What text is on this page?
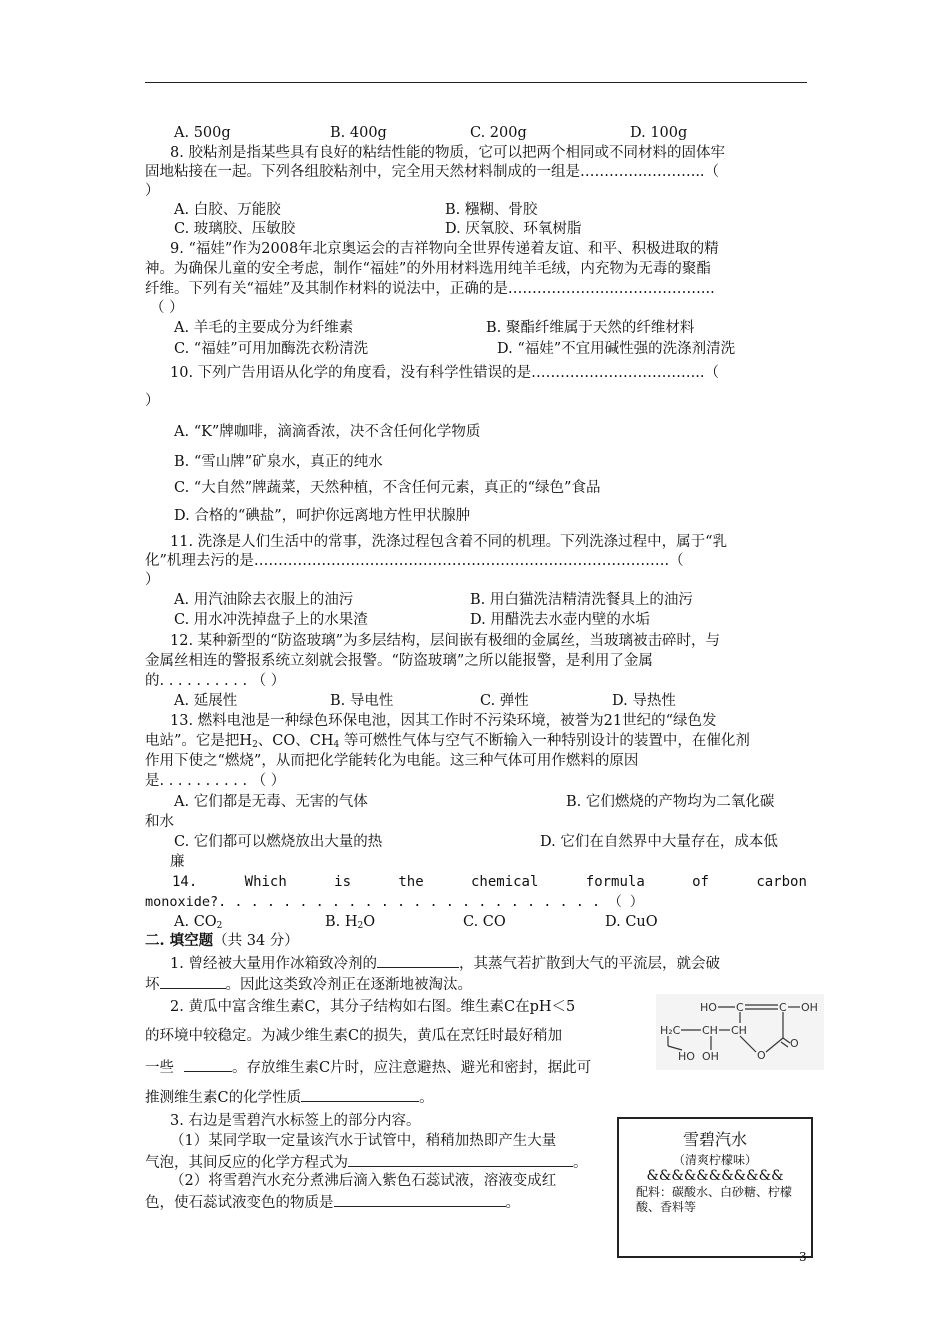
A. 500g	B. 400g	C. 200g	D. 100g
8. 胶粘剂是指某些具有良好的粘结性能的物质，它可以把两个相同或不同材料的固体牢
固地粘接在一起。下列各组胶粘剂中，完全用天然材料制成的一组是…………..………...（
）
A. 白胶、万能胶	B. 糨糊、骨胶
C. 玻璃胶、压敏胶	D. 厌氧胶、环氧树脂
9. “福娃”作为2008年北京奥运会的吉祥物向全世界传递着友谊、和平、积极进取的精
神。为确保儿童的安全考虑，制作“福娃”的外用材料选用纯羊毛绒，内充物为无毒的聚酯
纤维。下列有关“福娃”及其制作材料的说法中，正确的是………………….………………...
（ ）
A. 羊毛的主要成分为纤维素	B. 聚酯纤维属于天然的纤维材料
C. “福娃”可用加酶洗衣粉清洗	D. “福娃”不宜用碱性强的洗涤剂清洗
10. 下列广告用语从化学的角度看，没有科学性错误的是……………………………...（
）
A. “K”牌咖啡，滴滴香浓，决不含任何化学物质
B. “雪山牌”矿泉水，真正的纯水
C. “大自然”牌蔬菜，天然种植，不含任何元素，真正的“绿色”食品
D. 合格的“碘盐”，呵护你远离地方性甲状腺肿
11. 洗涤是人们生活中的常事，洗涤过程包含着不同的机理。下列洗涤过程中，属于“乳
化”机理去污的是………….……………………………………………………………….（
）
A. 用汽油除去衣服上的油污	B. 用白猫洗洁精清洗餐具上的油污
C. 用水冲洗掉盘子上的水果渣	D. 用醋洗去水壶内壁的水垢
12. 某种新型的“防盗玻璃”为多层结构，层间嵌有极细的金属丝，当玻璃被击碎时，与
金属丝相连的警报系统立刻就会报警。“防盗玻璃”之所以能报警，是利用了金属
的. . . . . . . . . . （ ）
A. 延展性	B. 导电性	C. 弹性	D. 导热性
13. 燃料电池是一种绿色环保电池，因其工作时不污染环境，被誉为21世纪的“绿色发
电站”。它是把$H_2$、CO、$CH_4$ 等可燃性气体与空气不断输入一种特别设计的装置中，在催化剂
作用下使之“燃烧”，从而把化学能转化为电能。这三种气体可用作燃料的原因
是. . . . . . . . . . （ ）
A. 它们都是无毒、无害的气体	B. 它们燃烧的产物均为二氧化碳
和水
C. 它们都可以燃烧放出大量的热	D. 它们在自然界中大量存在，成本低
廉
14.	Which	is	the	chemical	formula	of	carbon
monoxide?. . . . . . . . . . . . . . . . . . . . . . . . （ ）
A. $CO_2$	B. $H_2O$	C. CO	D. CuO
二. 填空题（共 34 分）
1. 曾经被大量用作冰箱致冷剂的	，其蒸气若扩散到大气的平流层，就会破
坏	。因此这类致冷剂正在逐渐地被淘汰。
2. 黄瓜中富含维生素C，其分子结构如右图。维生素C在pH＜5
的环境中较稳定。为减少维生素C的损失，黄瓜在烹饪时最好稍加
一些	。存放维生素C片时，应注意避热、避光和密封，据此可
推测维生素C的化学性质	。
HO C	C OH
H₂C CH CH
HO OH	O
O
3. 右边是雪碧汽水标签上的部分内容。
（1）某同学取一定量该汽水于试管中，稍稍加热即产生大量
气泡，其间反应的化学方程式为	。
（2）将雪碧汽水充分煮沸后滴入紫色石蕊试液，溶液变成红
色，使石蕊试液变色的物质是	。
雪碧汽水
（清爽柠檬味）
&&&&&&&&&&&
配料：碳酸水、白砂糖、柠檬酸、香料等
3
